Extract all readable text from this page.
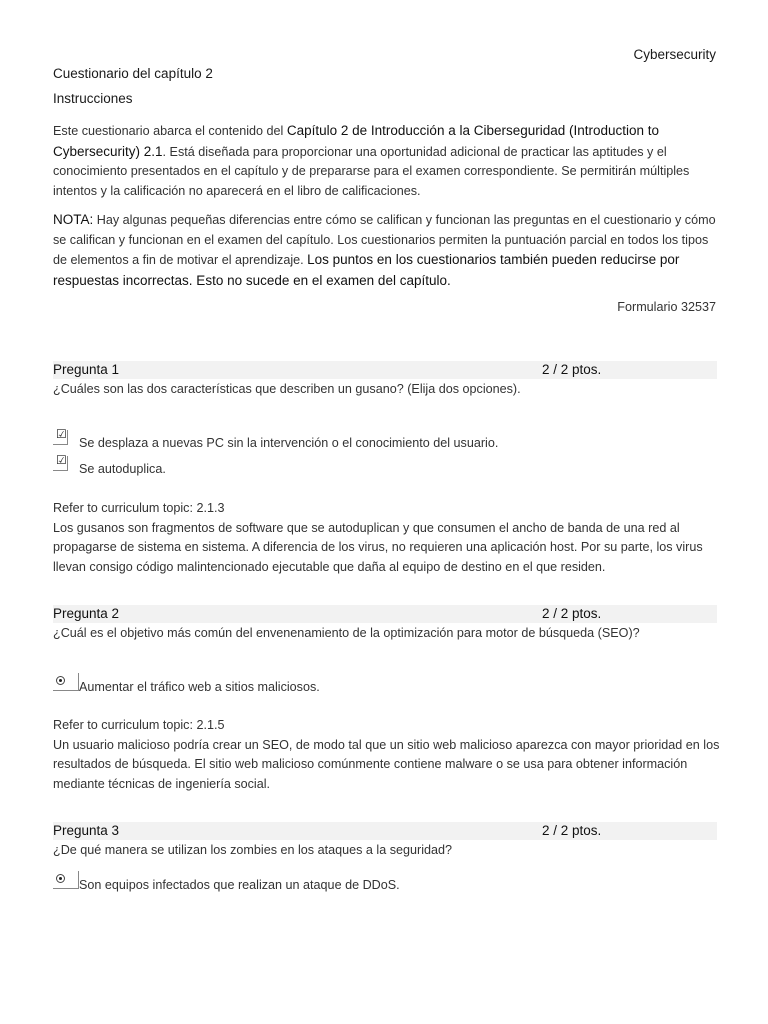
Cybersecurity
Cuestionario del capítulo 2
Instrucciones
Este cuestionario abarca el contenido del Capítulo 2 de Introducción a la Ciberseguridad (Introduction to Cybersecurity) 2.1. Está diseñada para proporcionar una oportunidad adicional de practicar las aptitudes y el conocimiento presentados en el capítulo y de prepararse para el examen correspondiente. Se permitirán múltiples intentos y la calificación no aparecerá en el libro de calificaciones.
NOTA: Hay algunas pequeñas diferencias entre cómo se califican y funcionan las preguntas en el cuestionario y cómo se califican y funcionan en el examen del capítulo. Los cuestionarios permiten la puntuación parcial en todos los tipos de elementos a fin de motivar el aprendizaje. Los puntos en los cuestionarios también pueden reducirse por respuestas incorrectas. Esto no sucede en el examen del capítulo.
Formulario 32537
Pregunta 1	2 / 2 ptos.
¿Cuáles son las dos características que describen un gusano? (Elija dos opciones).
☑
Se desplaza a nuevas PC sin la intervención o el conocimiento del usuario.
☑
Se autoduplica.
Refer to curriculum topic: 2.1.3
Los gusanos son fragmentos de software que se autoduplican y que consumen el ancho de banda de una red al propagarse de sistema en sistema. A diferencia de los virus, no requieren una aplicación host. Por su parte, los virus llevan consigo código malintencionado ejecutable que daña al equipo de destino en el que residen.
Pregunta 2	2 / 2 ptos.
¿Cuál es el objetivo más común del envenenamiento de la optimización para motor de búsqueda (SEO)?
Aumentar el tráfico web a sitios maliciosos.
Refer to curriculum topic: 2.1.5
Un usuario malicioso podría crear un SEO, de modo tal que un sitio web malicioso aparezca con mayor prioridad en los resultados de búsqueda. El sitio web malicioso comúnmente contiene malware o se usa para obtener información mediante técnicas de ingeniería social.
Pregunta 3	2 / 2 ptos.
¿De qué manera se utilizan los zombies en los ataques a la seguridad?
Son equipos infectados que realizan un ataque de DDoS.
